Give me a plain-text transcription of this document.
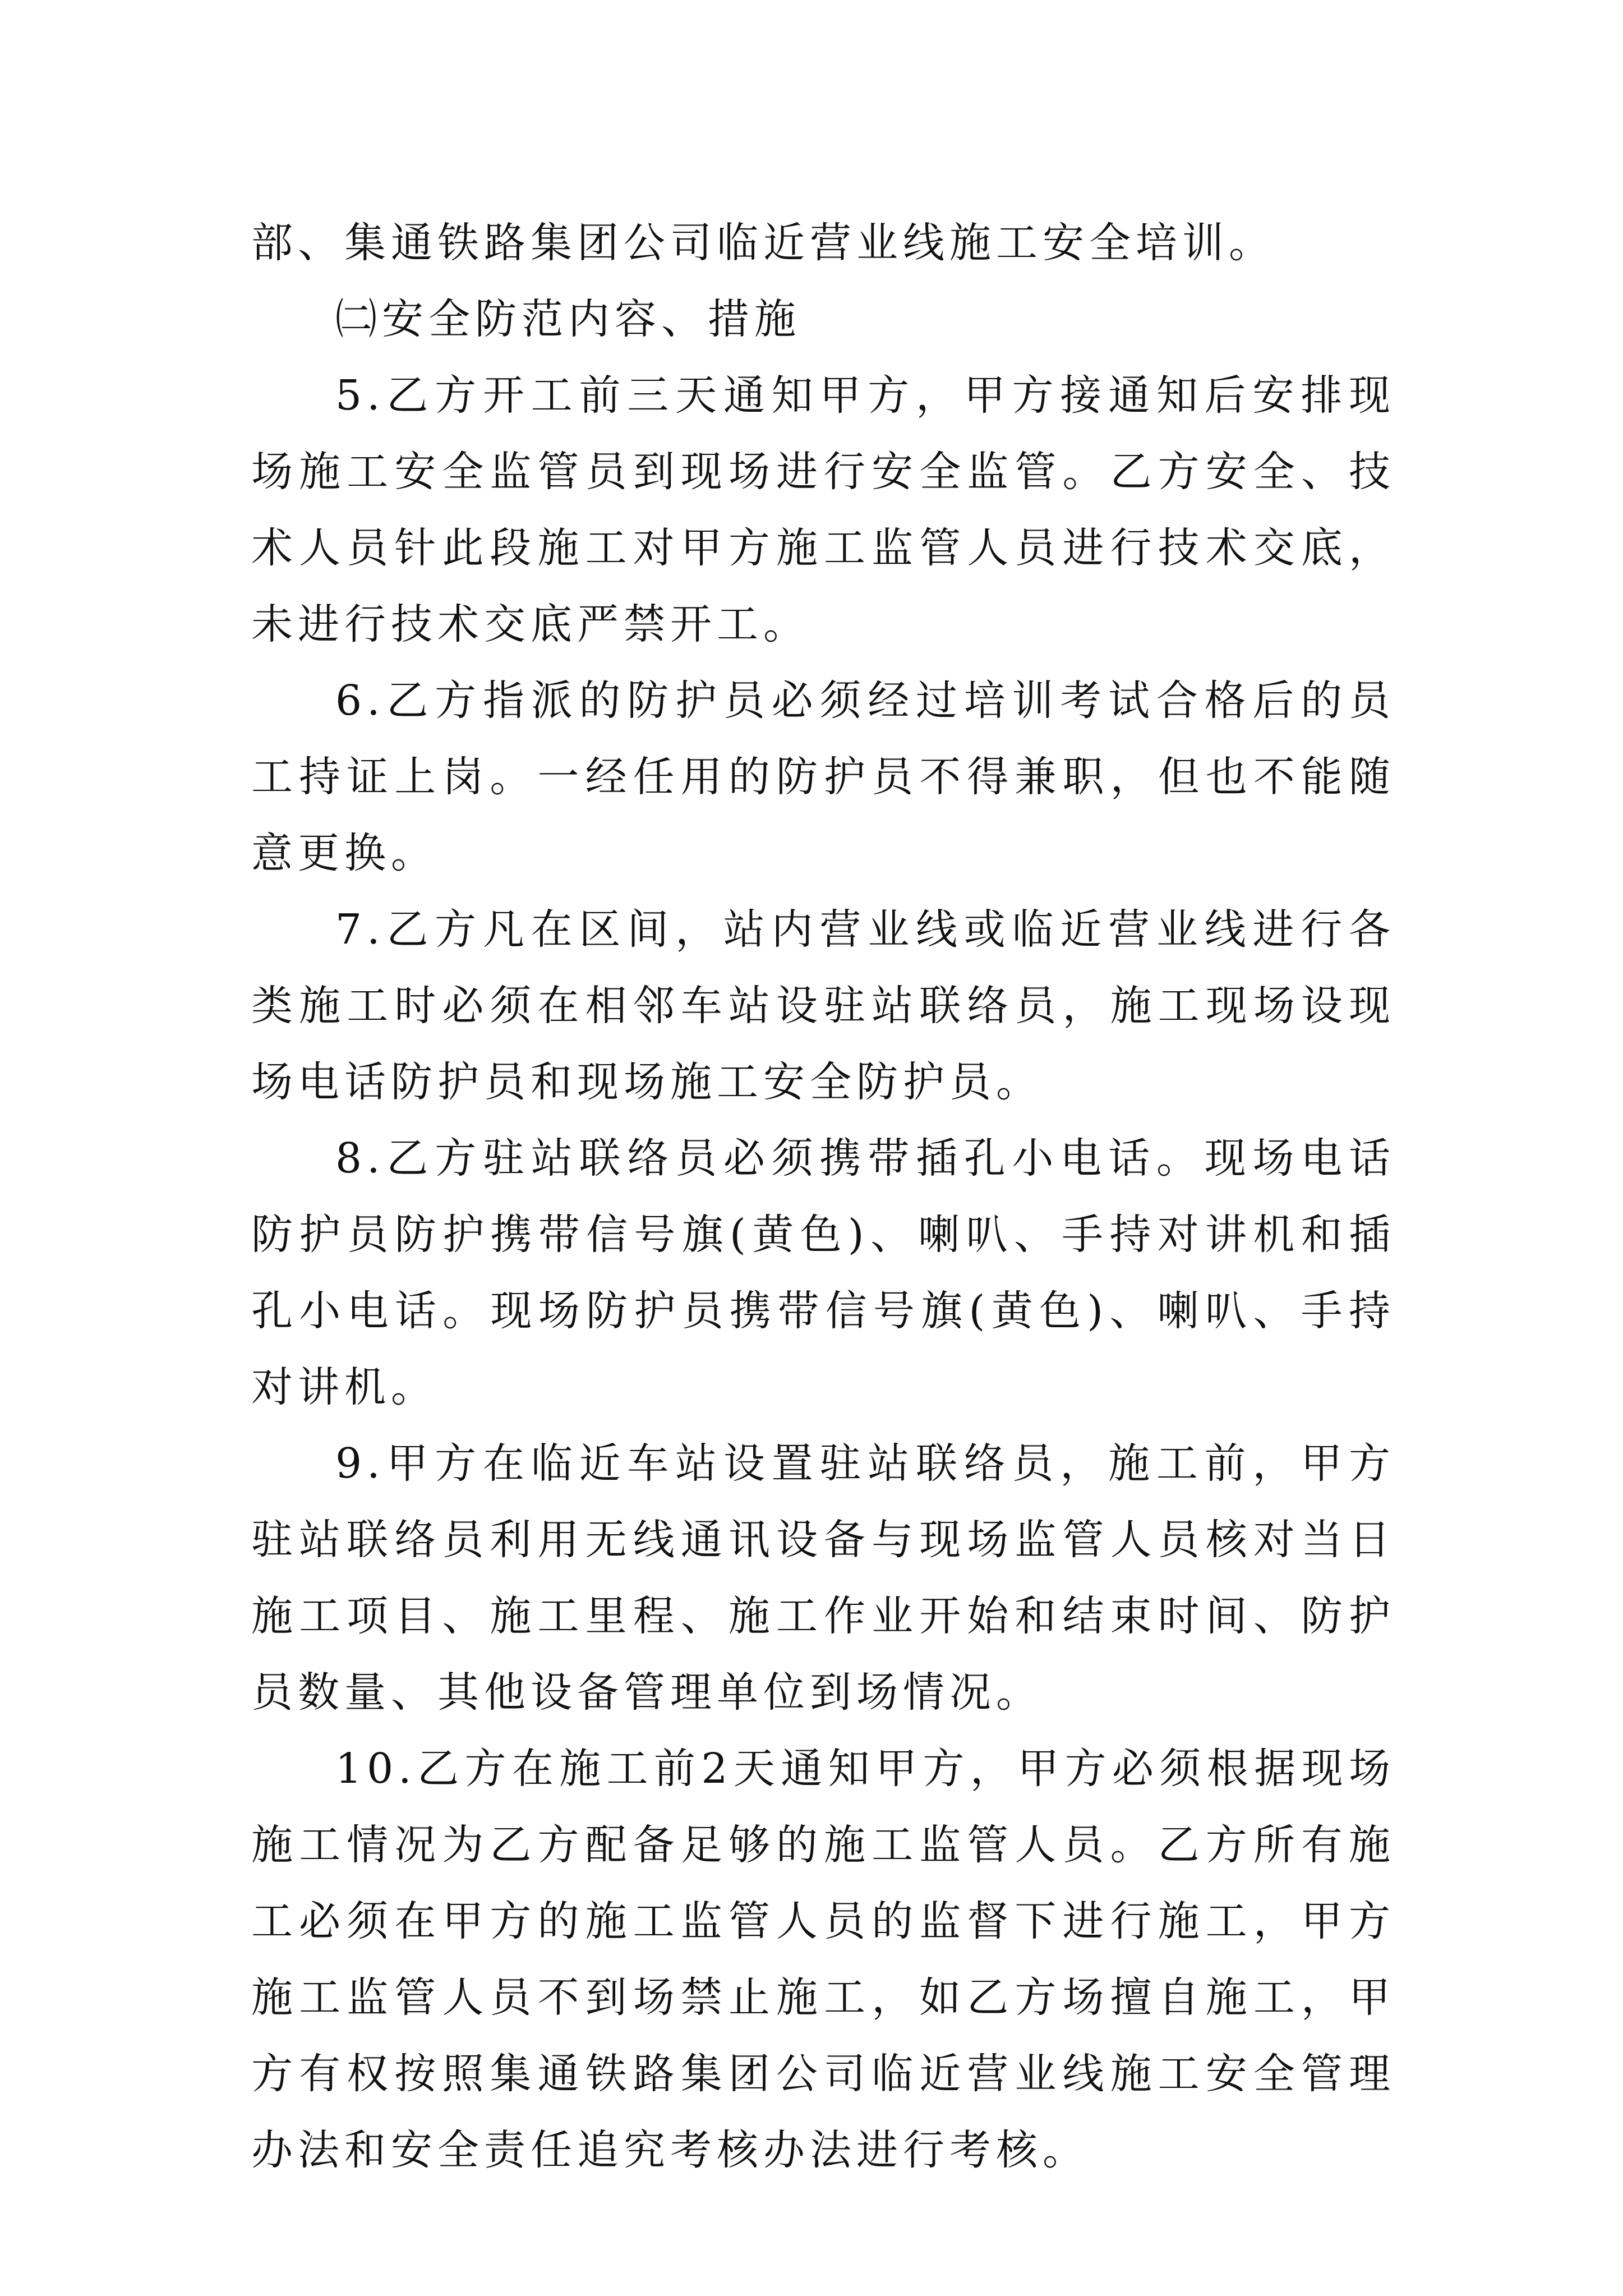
部、集通铁路集团公司临近营业线施工安全培训。

㈡安全防范内容、措施

5.乙方开工前三天通知甲方，甲方接通知后安排现场施工安全监管员到现场进行安全监管。乙方安全、技术人员针此段施工对甲方施工监管人员进行技术交底，未进行技术交底严禁开工。

6.乙方指派的防护员必须经过培训考试合格后的员工持证上岗。一经任用的防护员不得兼职，但也不能随意更换。

7.乙方凡在区间，站内营业线或临近营业线进行各类施工时必须在相邻车站设驻站联络员，施工现场设现场电话防护员和现场施工安全防护员。

8.乙方驻站联络员必须携带插孔小电话。现场电话防护员防护携带信号旗(黄色)、喇叭、手持对讲机和插孔小电话。现场防护员携带信号旗(黄色)、喇叭、手持对讲机。

9.甲方在临近车站设置驻站联络员，施工前，甲方驻站联络员利用无线通讯设备与现场监管人员核对当日施工项目、施工里程、施工作业开始和结束时间、防护员数量、其他设备管理单位到场情况。

10.乙方在施工前2天通知甲方，甲方必须根据现场施工情况为乙方配备足够的施工监管人员。乙方所有施工必须在甲方的施工监管人员的监督下进行施工，甲方施工监管人员不到场禁止施工，如乙方场擅自施工，甲方有权按照集通铁路集团公司临近营业线施工安全管理办法和安全责任追究考核办法进行考核。
